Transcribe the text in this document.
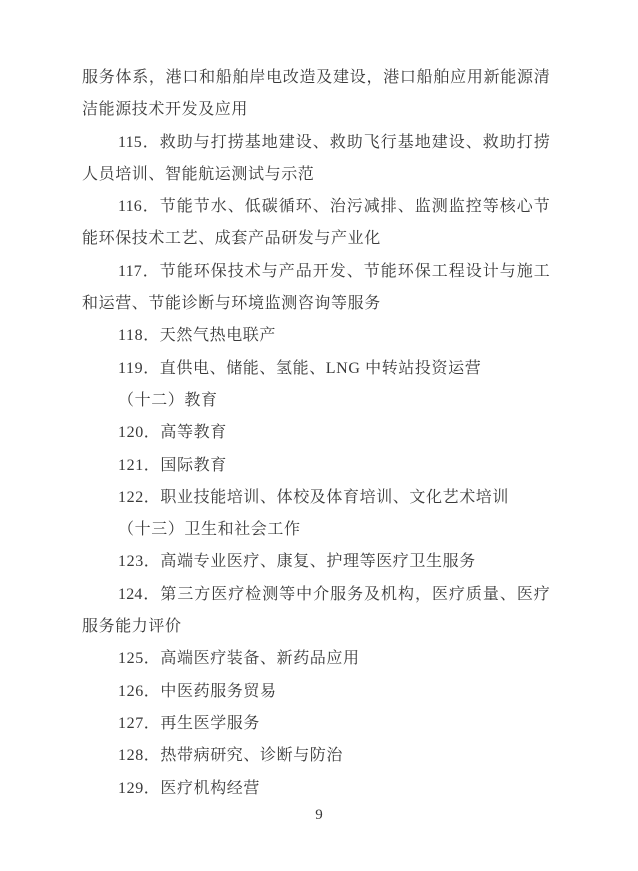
服务体系，港口和船舶岸电改造及建设，港口船舶应用新能源清
洁能源技术开发及应用
115．救助与打捞基地建设、救助飞行基地建设、救助打捞
人员培训、智能航运测试与示范
116．节能节水、低碳循环、治污减排、监测监控等核心节
能环保技术工艺、成套产品研发与产业化
117．节能环保技术与产品开发、节能环保工程设计与施工
和运营、节能诊断与环境监测咨询等服务
118．天然气热电联产
119．直供电、储能、氢能、LNG 中转站投资运营
（十二）教育
120．高等教育
121．国际教育
122．职业技能培训、体校及体育培训、文化艺术培训
（十三）卫生和社会工作
123．高端专业医疗、康复、护理等医疗卫生服务
124．第三方医疗检测等中介服务及机构，医疗质量、医疗
服务能力评价
125．高端医疗装备、新药品应用
126．中医药服务贸易
127．再生医学服务
128．热带病研究、诊断与防治
129．医疗机构经营
9
